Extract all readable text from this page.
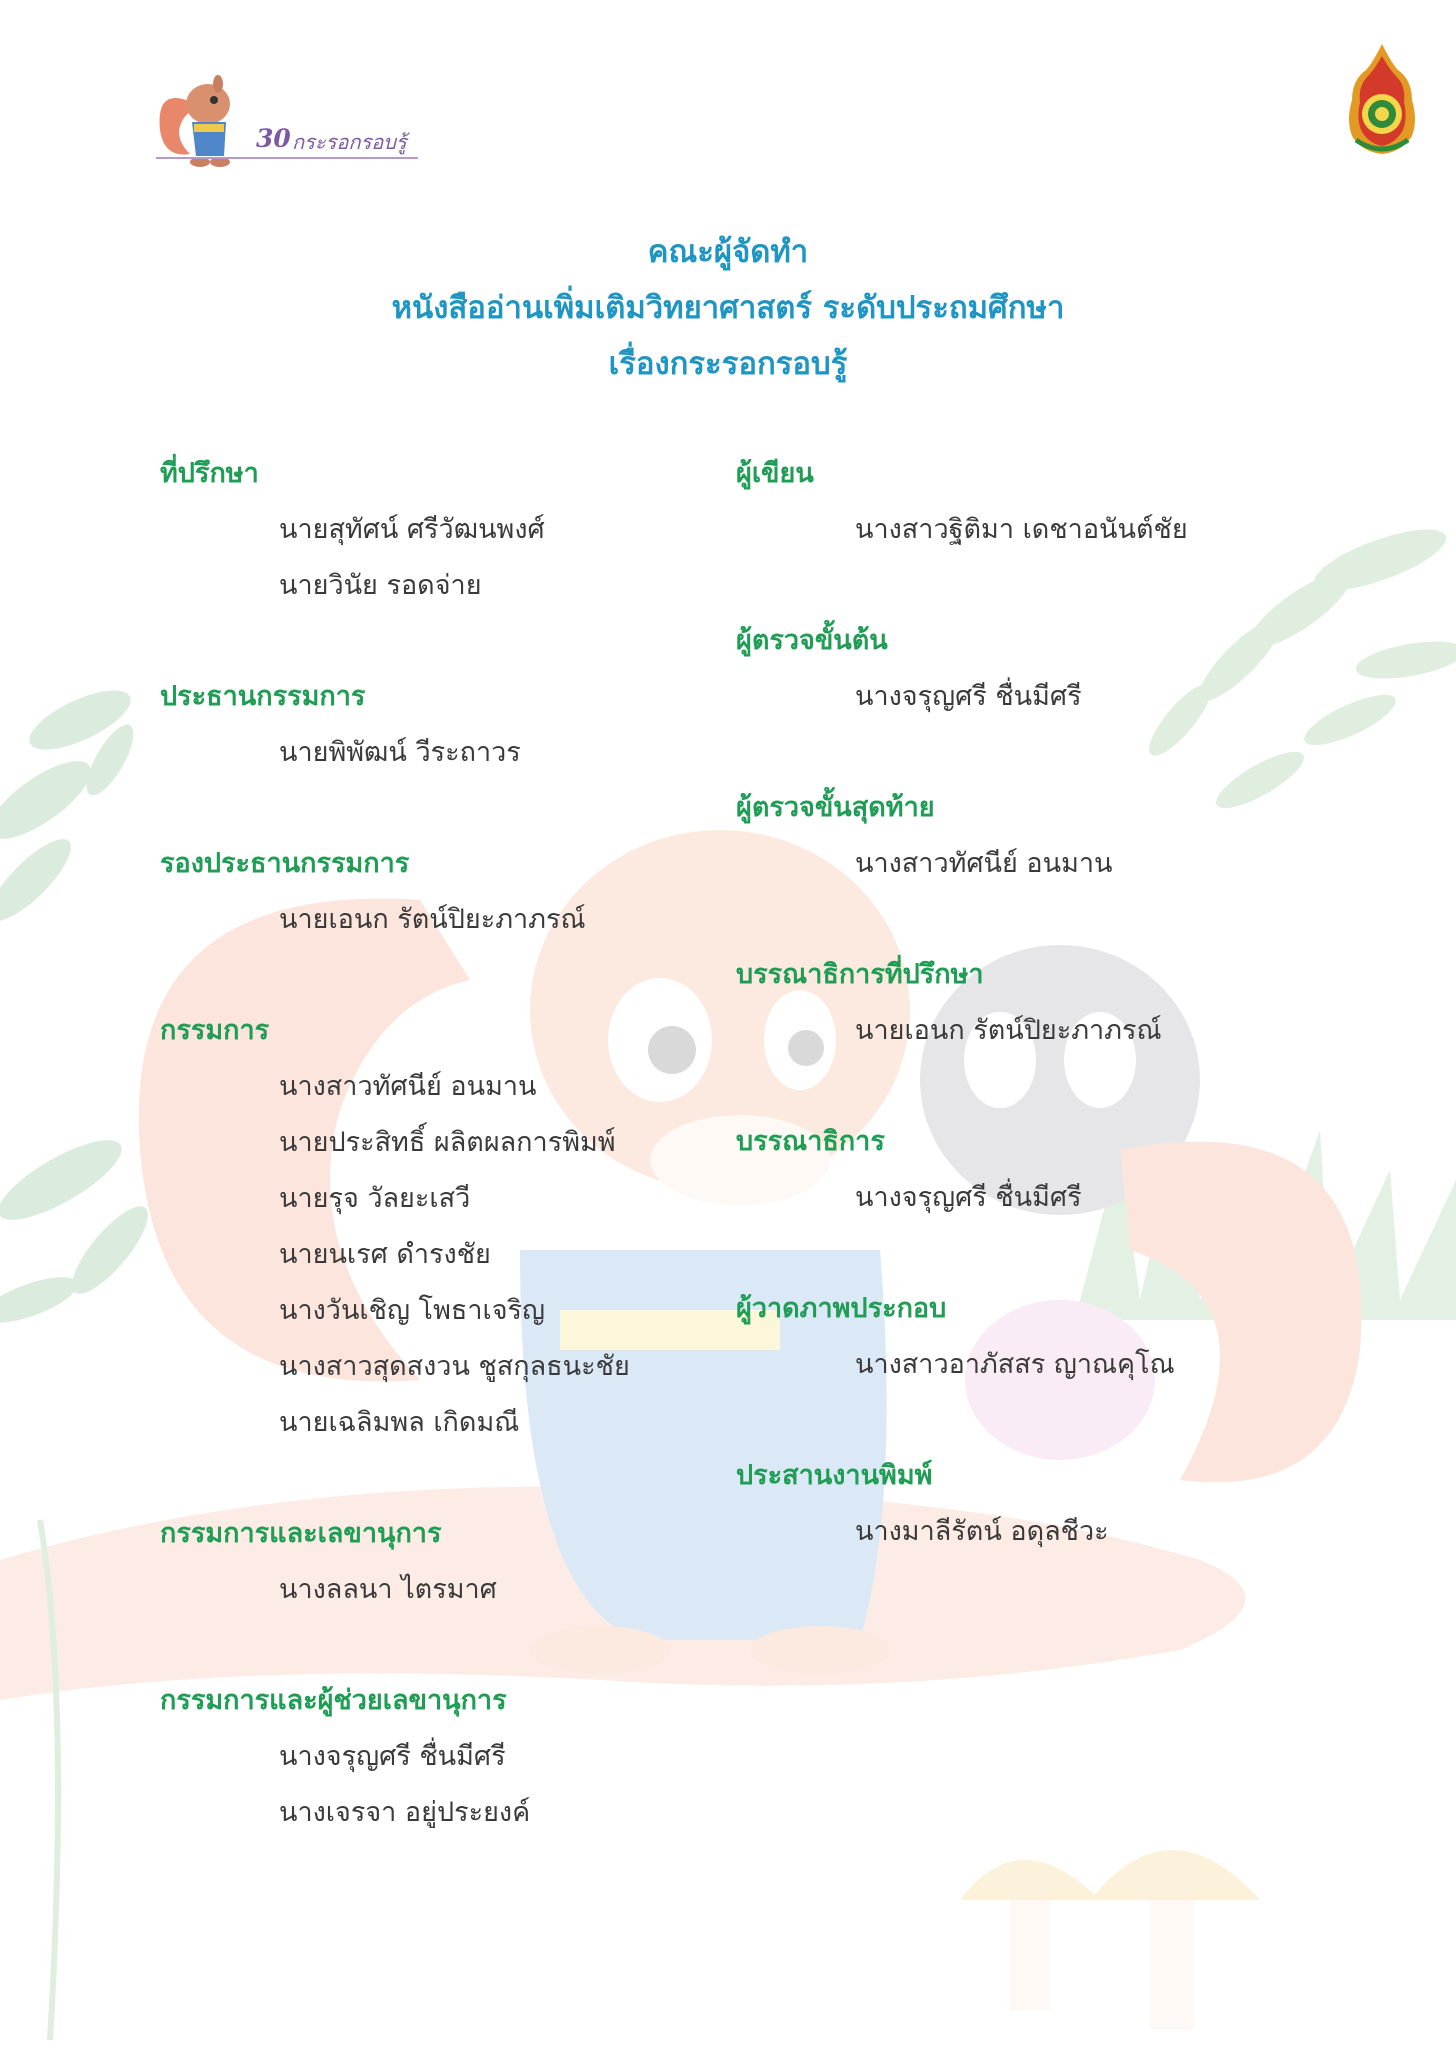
30 กระรอกรอบรู้

คณะผู้จัดทำ

หนังสืออ่านเพิ่มเติมวิทยาศาสตร์ ระดับประถมศึกษา

เรื่องกระรอกรอบรู้

ที่ปรึกษา

นายสุทัศน์ ศรีวัฒนพงศ์
นายวินัย รอดจ่าย

ประธานกรรมการ

นายพิพัฒน์ วีระถาวร

รองประธานกรรมการ

นายเอนก รัตน์ปิยะภาภรณ์

กรรมการ

นางสาวทัศนีย์ อนมาน
นายประสิทธิ์ ผลิตผลการพิมพ์
นายรุจ วัลยะเสวี
นายนเรศ ดำรงชัย
นางวันเชิญ โพธาเจริญ
นางสาวสุดสงวน ชูสกุลธนะชัย
นายเฉลิมพล เกิดมณี

กรรมการและเลขานุการ

นางลลนา ไตรมาศ

กรรมการและผู้ช่วยเลขานุการ

นางจรุญศรี ชื่นมีศรี
นางเจรจา อยู่ประยงค์

ผู้เขียน

นางสาวฐิติมา เดชาอนันต์ชัย

ผู้ตรวจขั้นต้น

นางจรุญศรี ชื่นมีศรี

ผู้ตรวจขั้นสุดท้าย

นางสาวทัศนีย์ อนมาน

บรรณาธิการที่ปรึกษา

นายเอนก รัตน์ปิยะภาภรณ์

บรรณาธิการ

นางจรุญศรี ชื่นมีศรี

ผู้วาดภาพประกอบ

นางสาวอาภัสสร ญาณคุโณ

ประสานงานพิมพ์

นางมาลีรัตน์ อดุลชีวะ
